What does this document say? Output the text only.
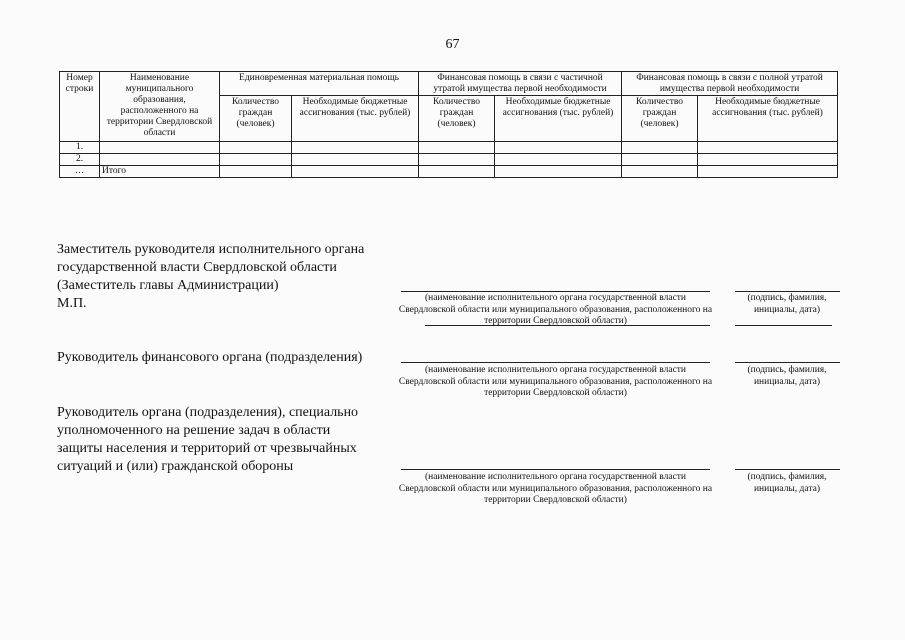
67
Номер строки	Наименование муниципального образования, расположенного на территории Свердловской области	Единовременная материальная помощь		Финансовая помощь в связи с частичной утратой имущества первой необходимости		Финансовая помощь в связи с полной утратой имущества первой необходимости	
		Количество граждан (человек)	Необходимые бюджетные ассигнования (тыс. рублей)	Количество граждан (человек)	Необходимые бюджетные ассигнования (тыс. рублей)	Количество граждан (человек)	Необходимые бюджетные ассигнования (тыс. рублей)
1.							
2.							
…	Итого						
Заместитель руководителя исполнительного органа
государственной власти Свердловской области
(Заместитель главы Администрации)
М.П.	(наименование исполнительного органа государственной власти Свердловской области или муниципального образования, расположенного на территории Свердловской области)
(подпись, фамилия, инициалы, дата)
Руководитель финансового органа (подразделения)
(наименование исполнительного органа государственной власти Свердловской области или муниципального образования, расположенного на территории Свердловской области)
(подпись, фамилия, инициалы, дата)
Руководитель органа (подразделения), специально
уполномоченного на решение задач в области
защиты населения и территорий от чрезвычайных
ситуаций и (или) гражданской обороны
(наименование исполнительного органа государственной власти Свердловской области или муниципального образования, расположенного на территории Свердловской области)
(подпись, фамилия, инициалы, дата)
